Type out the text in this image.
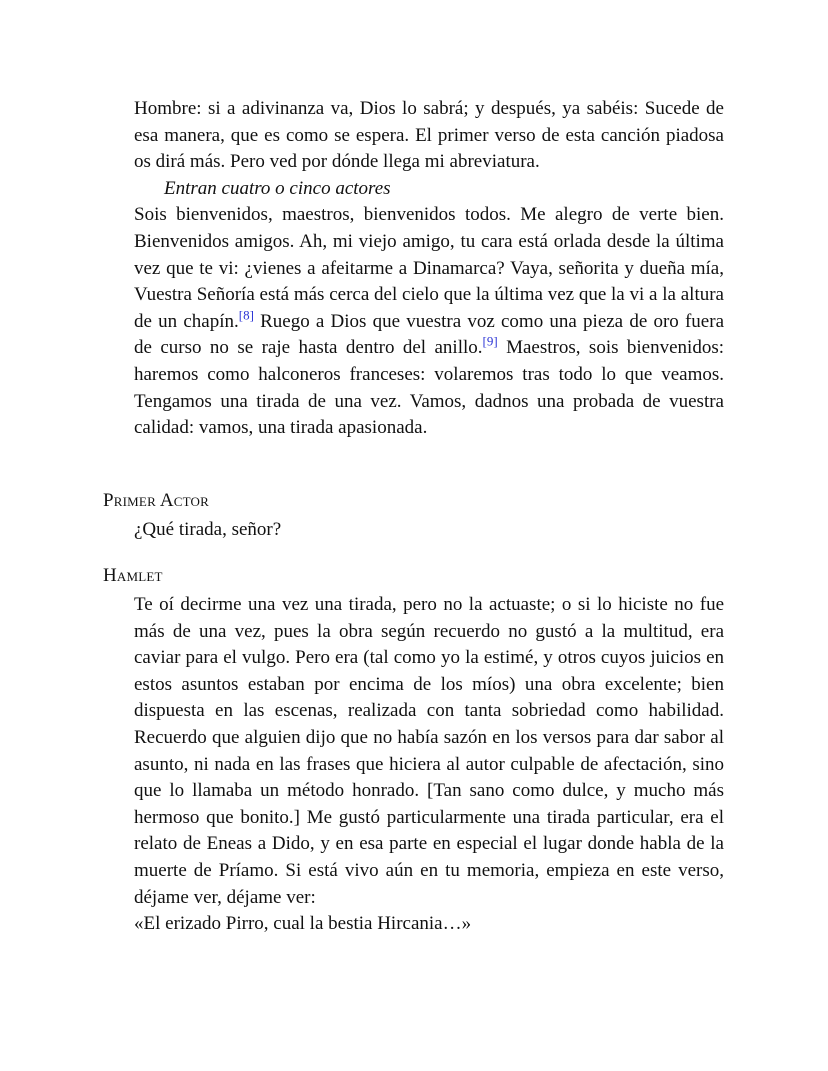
Hombre: si a adivinanza va, Dios lo sabrá; y después, ya sabéis: Sucede de esa manera, que es como se espera. El primer verso de esta canción piadosa os dirá más. Pero ved por dónde llega mi abreviatura.

Entran cuatro o cinco actores

Sois bienvenidos, maestros, bienvenidos todos. Me alegro de verte bien. Bienvenidos amigos. Ah, mi viejo amigo, tu cara está orlada desde la última vez que te vi: ¿vienes a afeitarme a Dinamarca? Vaya, señorita y dueña mía, Vuestra Señoría está más cerca del cielo que la última vez que la vi a la altura de un chapín.[8] Ruego a Dios que vuestra voz como una pieza de oro fuera de curso no se raje hasta dentro del anillo.[9] Maestros, sois bienvenidos: haremos como halconeros franceses: volaremos tras todo lo que veamos. Tengamos una tirada de una vez. Vamos, dadnos una probada de vuestra calidad: vamos, una tirada apasionada.

Primer Actor

¿Qué tirada, señor?

Hamlet

Te oí decirme una vez una tirada, pero no la actuaste; o si lo hiciste no fue más de una vez, pues la obra según recuerdo no gustó a la multitud, era caviar para el vulgo. Pero era (tal como yo la estimé, y otros cuyos juicios en estos asuntos estaban por encima de los míos) una obra excelente; bien dispuesta en las escenas, realizada con tanta sobriedad como habilidad. Recuerdo que alguien dijo que no había sazón en los versos para dar sabor al asunto, ni nada en las frases que hiciera al autor culpable de afectación, sino que lo llamaba un método honrado. [Tan sano como dulce, y mucho más hermoso que bonito.] Me gustó particularmente una tirada particular, era el relato de Eneas a Dido, y en esa parte en especial el lugar donde habla de la muerte de Príamo. Si está vivo aún en tu memoria, empieza en este verso, déjame ver, déjame ver:

«El erizado Pirro, cual la bestia Hircania…»
